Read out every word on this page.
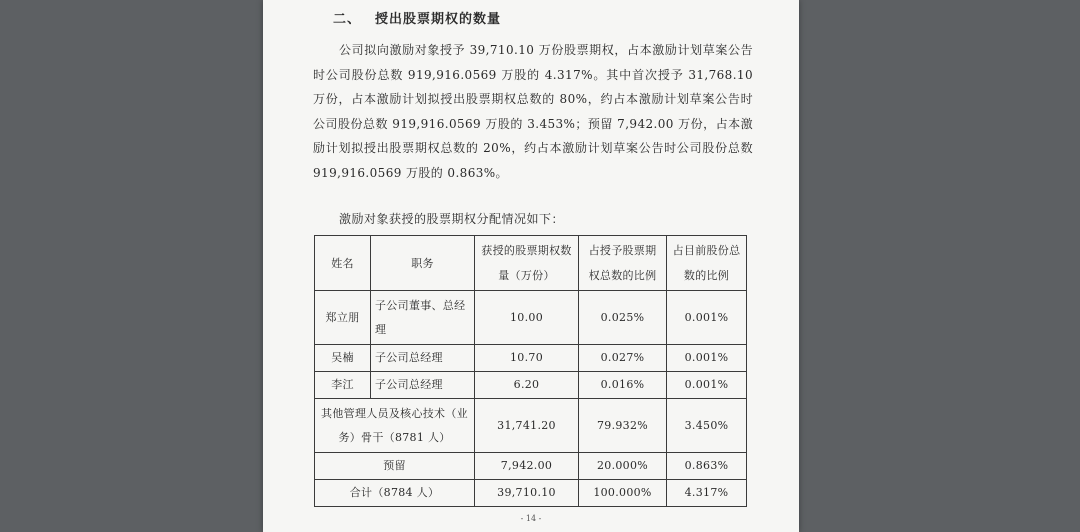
二、 授出股票期权的数量

公司拟向激励对象授予 39,710.10 万份股票期权，占本激励计划草案公告时公司股份总数 919,916.0569 万股的 4.317%。其中首次授予 31,768.10 万份，占本激励计划拟授出股票期权总数的 80%，约占本激励计划草案公告时公司股份总数 919,916.0569 万股的 3.453%；预留 7,942.00 万份，占本激励计划拟授出股票期权总数的 20%，约占本激励计划草案公告时公司股份总数 919,916.0569 万股的 0.863%。

激励对象获授的股票期权分配情况如下：
姓名	职务	获授的股票期权数量（万份）	占授予股票期权总数的比例	占目前股份总数的比例
郑立朋	子公司董事、总经理	10.00	0.025%	0.001%
吴楠	子公司总经理	10.70	0.027%	0.001%
李江	子公司总经理	6.20	0.016%	0.001%
其他管理人员及核心技术（业务）骨干（8781 人）		31,741.20	79.932%	3.450%
预留		7,942.00	20.000%	0.863%
合计（8784 人）		39,710.10	100.000%	4.317%
- 14 -
